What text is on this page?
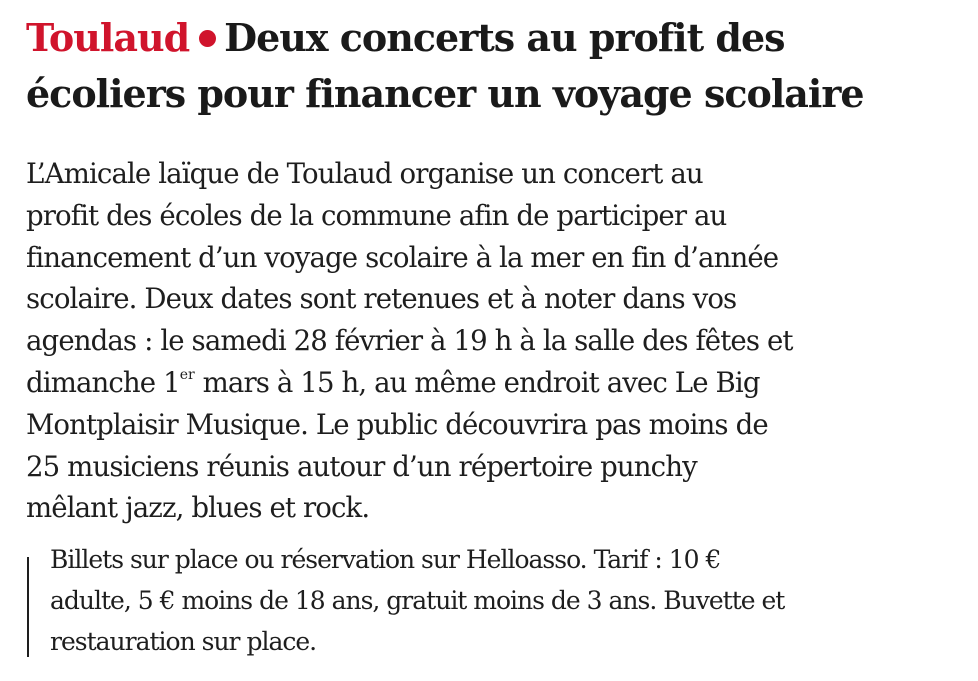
Toulaud Deux concerts au profit des
écoliers pour financer un voyage scolaire
L’Amicale laïque de Toulaud organise un concert au
profit des écoles de la commune afin de participer au
financement d’un voyage scolaire à la mer en fin d’année
scolaire. Deux dates sont retenues et à noter dans vos
agendas : le samedi 28 février à 19 h à la salle des fêtes et
dimanche 1er mars à 15 h, au même endroit avec Le Big
Montplaisir Musique. Le public découvrira pas moins de
25 musiciens réunis autour d’un répertoire punchy
mêlant jazz, blues et rock.
Billets sur place ou réservation sur Helloasso. Tarif : 10 €
adulte, 5 € moins de 18 ans, gratuit moins de 3 ans. Buvette et
restauration sur place.
